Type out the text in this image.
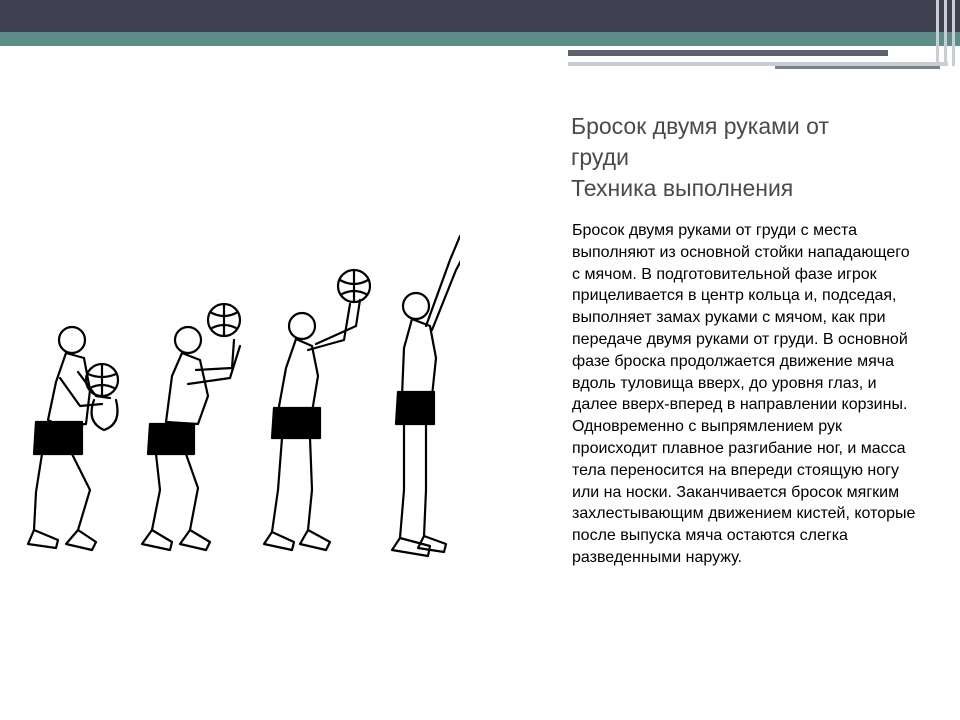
Бросок двумя руками от
груди
Техника выполнения
Бросок двумя руками от груди с места выполняют из основной стойки нападающего с мячом. В подготовительной фазе игрок прицеливается в центр кольца и, подседая, выполняет замах руками с мячом, как при передаче двумя руками от груди. В основной фазе броска продолжается движение мяча вдоль туловища вверх, до уровня глаз, и далее вверх-вперед в направлении корзины. Одновременно с выпрямлением рук происходит плавное разгибание ног, и масса тела переносится на впереди стоящую ногу или на носки. Заканчивается бросок мягким захлестывающим движением кистей, которые после выпуска мяча остаются слегка разведенными наружу.
